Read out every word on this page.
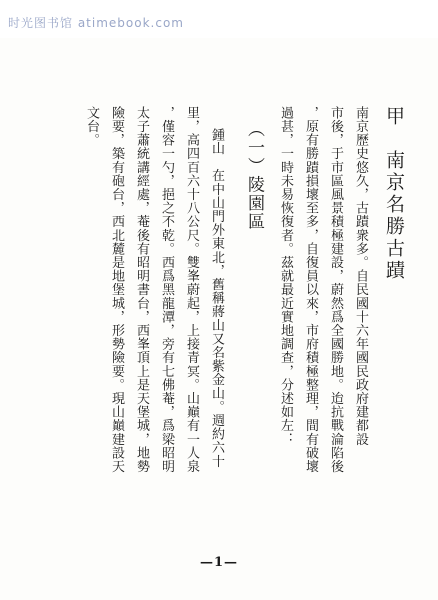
时光图书馆 atimebook.com
甲　南京名勝古蹟
南京歷史悠久，古蹟衆多。自民國十六年國民政府建都設
市後，于市區風景積極建設，蔚然爲全國勝地。迨抗戰淪陷後
，原有勝蹟損壞至多，自復員以來，市府積極整理，間有破壞
過甚，一時未易恢復者。茲就最近實地調查，分述如左：
（一）陵園區
鍾山　在中山門外東北，舊稱蔣山又名紫金山。週約六十
里，高四百六十八公尺。雙峯蔚起，上接青冥。山巔有一人泉
，僅容一勺，挹之不乾。西爲黑龍潭，旁有七佛菴，爲梁昭明
太子蕭統講經處，菴後有昭明書台，西峯頂上是天堡城，地勢
險要，築有砲台，西北麓是地堡城，形勢險要。現山巔建設天
文台。
—1—
